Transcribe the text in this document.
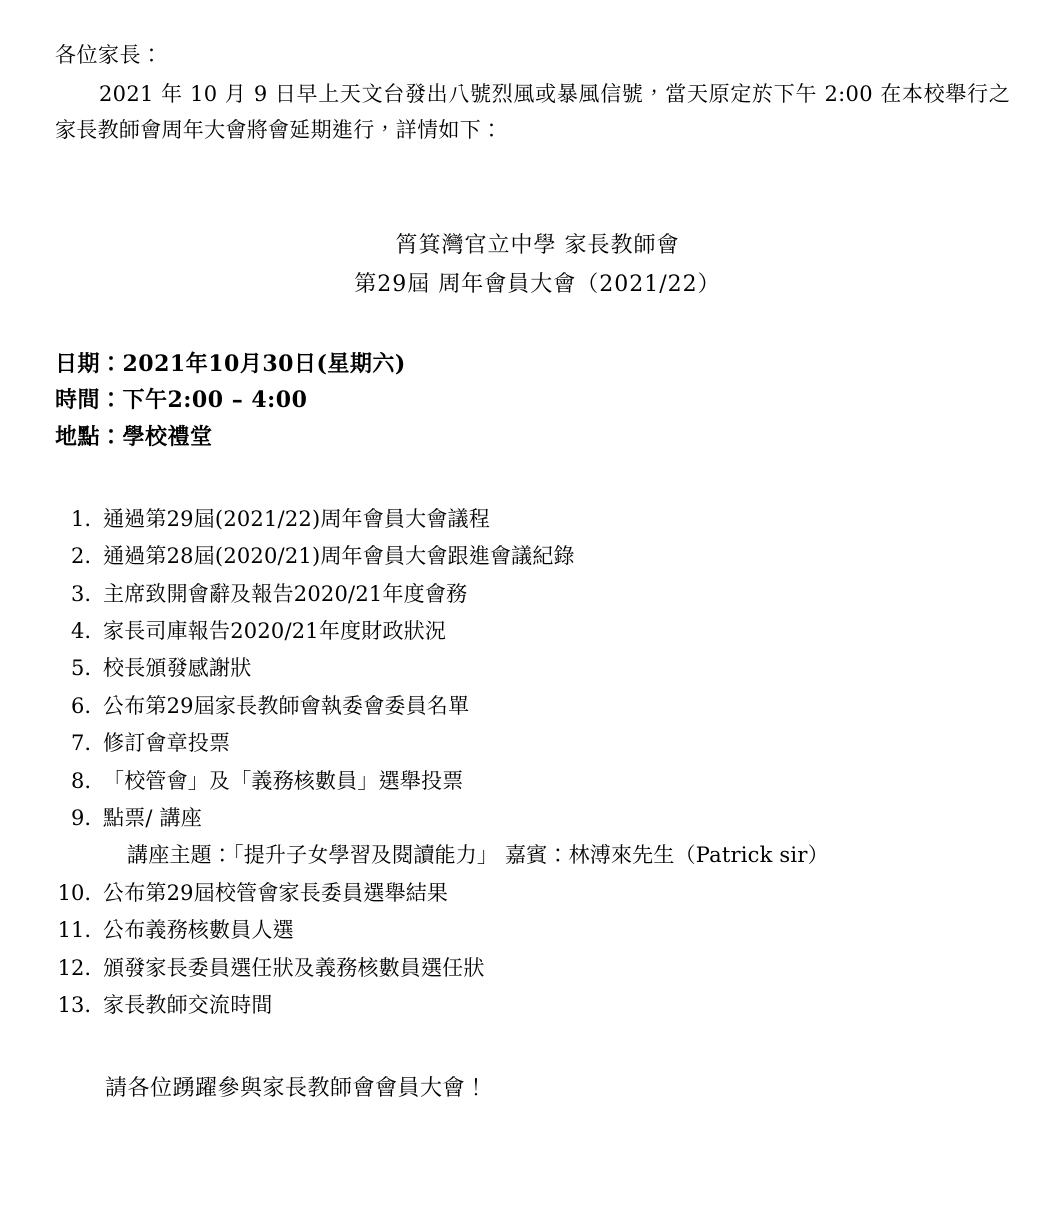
各位家長：

2021 年 10 月 9 日早上天文台發出八號烈風或暴風信號，當天原定於下午 2:00 在本校舉行之家長教師會周年大會將會延期進行，詳情如下：

筲箕灣官立中學 家長教師會
第29屆 周年會員大會（2021/22）
日期：2021年10月30日(星期六)
時間：下午2:00 – 4:00
地點：學校禮堂
1. 通過第29屆(2021/22)周年會員大會議程
2. 通過第28屆(2020/21)周年會員大會跟進會議紀錄
3. 主席致開會辭及報告2020/21年度會務
4. 家長司庫報告2020/21年度財政狀況
5. 校長頒發感謝狀
6. 公布第29屆家長教師會執委會委員名單
7. 修訂會章投票
8. 「校管會」及「義務核數員」選舉投票
9. 點票/ 講座
講座主題：「提升子女學習及閱讀能力」 嘉賓：林溥來先生（Patrick sir）
10. 公布第29屆校管會家長委員選舉結果
11. 公布義務核數員人選
12. 頒發家長委員選任狀及義務核數員選任狀
13. 家長教師交流時間
請各位踴躍參與家長教師會會員大會！
